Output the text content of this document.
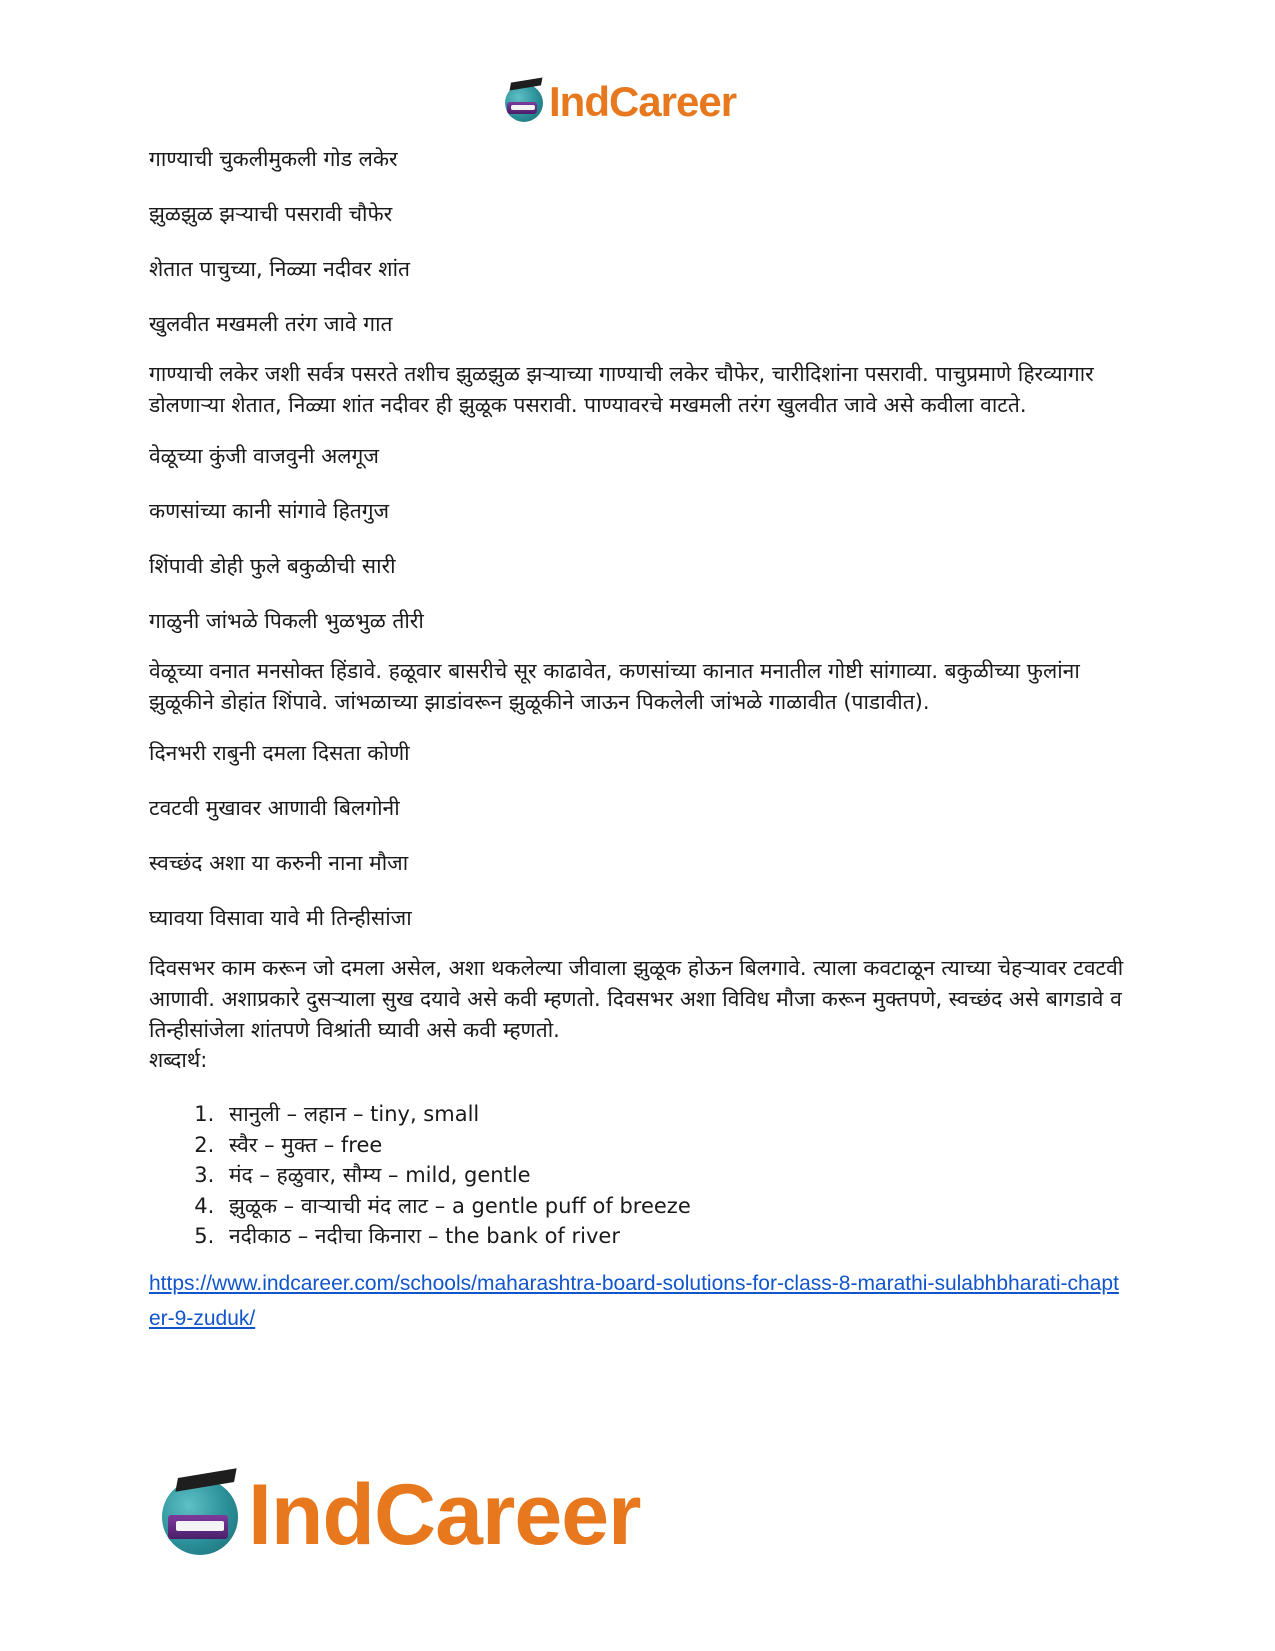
IndCareer

गाण्याची चुकलीमुकली गोड लकेर

झुळझुळ झऱ्याची पसरावी चौफेर

शेतात पाचुच्या, निळ्या नदीवर शांत

खुलवीत मखमली तरंग जावे गात

गाण्याची लकेर जशी सर्वत्र पसरते तशीच झुळझुळ झऱ्याच्या गाण्याची लकेर चौफेर, चारीदिशांना पसरावी. पाचुप्रमाणे हिरव्यागार डोलणाऱ्या शेतात, निळ्या शांत नदीवर ही झुळूक पसरावी. पाण्यावरचे मखमली तरंग खुलवीत जावे असे कवीला वाटते.

वेळूच्या कुंजी वाजवुनी अलगूज

कणसांच्या कानी सांगावे हितगुज

शिंपावी डोही फुले बकुळीची सारी

गाळुनी जांभळे पिकली भुळभुळ तीरी

वेळूच्या वनात मनसोक्त हिंडावे. हळूवार बासरीचे सूर काढावेत, कणसांच्या कानात मनातील गोष्टी सांगाव्या. बकुळीच्या फुलांना झुळूकीने डोहांत शिंपावे. जांभळाच्या झाडांवरून झुळूकीने जाऊन पिकलेली जांभळे गाळावीत (पाडावीत).

दिनभरी राबुनी दमला दिसता कोणी

टवटवी मुखावर आणावी बिलगोनी

स्वच्छंद अशा या करुनी नाना मौजा

घ्यावया विसावा यावे मी तिन्हीसांजा

दिवसभर काम करून जो दमला असेल, अशा थकलेल्या जीवाला झुळूक होऊन बिलगावे. त्याला कवटाळून त्याच्या चेहऱ्यावर टवटवी आणावी. अशाप्रकारे दुसऱ्याला सुख दयावे असे कवी म्हणतो. दिवसभर अशा विविध मौजा करून मुक्तपणे, स्वच्छंद असे बागडावे व तिन्हीसांजेला शांतपणे विश्रांती घ्यावी असे कवी म्हणतो.

शब्दार्थ:

1. सानुली – लहान – tiny, small
2. स्वैर – मुक्त – free
3. मंद – हळुवार, सौम्य – mild, gentle
4. झुळूक – वाऱ्याची मंद लाट – a gentle puff of breeze
5. नदीकाठ – नदीचा किनारा – the bank of river
https://www.indcareer.com/schools/maharashtra-board-solutions-for-class-8-marathi-sulabhbharati-chapter-9-zuduk/
IndCareer
